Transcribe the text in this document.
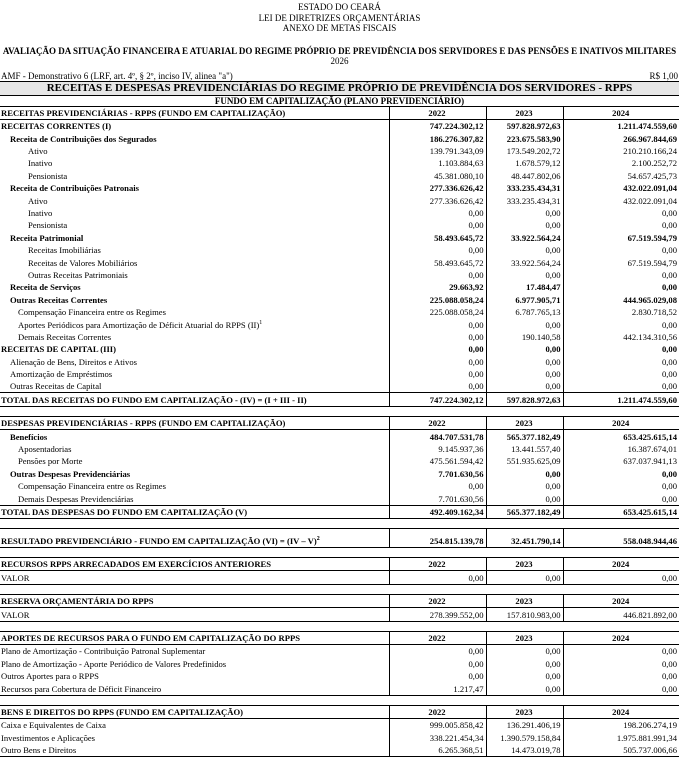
ESTADO DO CEARÁ
LEI DE DIRETRIZES ORÇAMENTÁRIAS
ANEXO DE METAS FISCAIS
AVALIAÇÃO DA SITUAÇÃO FINANCEIRA E ATUARIAL DO REGIME PRÓPRIO DE PREVIDÊNCIA DOS SERVIDORES E DAS PENSÕES E INATIVOS MILITARES
2026
AMF - Demonstrativo 6 (LRF, art. 4º, § 2º, inciso IV, alinea "a")	R$ 1,00
RECEITAS E DESPESAS PREVIDENCIÁRIAS DO REGIME PRÓPRIO DE PREVIDÊNCIA DOS SERVIDORES - RPPS
FUNDO EM CAPITALIZAÇÃO (PLANO PREVIDENCIÁRIO)
RECEITAS PREVIDENCIÁRIAS - RPPS (FUNDO EM CAPITALIZAÇÃO)	2022	2023	2024
RECEITAS CORRENTES (I)	747.224.302,12	597.828.972,63	1.211.474.559,60
Receita de Contribuições dos Segurados	186.276.307,82	223.675.583,90	266.967.844,69
Ativo	139.791.343,09	173.549.202,72	210.210.166,24
Inativo	1.103.884,63	1.678.579,12	2.100.252,72
Pensionista	45.381.080,10	48.447.802,06	54.657.425,73
Receita de Contribuições Patronais	277.336.626,42	333.235.434,31	432.022.091,04
Ativo	277.336.626,42	333.235.434,31	432.022.091,04
Inativo	0,00	0,00	0,00
Pensionista	0,00	0,00	0,00
Receita Patrimonial	58.493.645,72	33.922.564,24	67.519.594,79
Receitas Imobiliárias	0,00	0,00	0,00
Receitas de Valores Mobiliários	58.493.645,72	33.922.564,24	67.519.594,79
Outras Receitas Patrimoniais	0,00	0,00	0,00
Receita de Serviços	29.663,92	17.484,47	0,00
Outras Receitas Correntes	225.088.058,24	6.977.905,71	444.965.029,08
Compensação Financeira entre os Regimes	225.088.058,24	6.787.765,13	2.830.718,52
Aportes Periódicos para Amortização de Déficit Atuarial do RPPS (II)$^1$	0,00	0,00	0,00
Demais Receitas Correntes	0,00	190.140,58	442.134.310,56
RECEITAS DE CAPITAL (III)	0,00	0,00	0,00
Alienação de Bens, Direitos e Ativos	0,00	0,00	0,00
Amortização de Empréstimos	0,00	0,00	0,00
Outras Receitas de Capital	0,00	0,00	0,00
TOTAL DAS RECEITAS DO FUNDO EM CAPITALIZAÇÃO - (IV) = (I + III - II)	747.224.302,12	597.828.972,63	1.211.474.559,60

DESPESAS PREVIDENCIÁRIAS - RPPS (FUNDO EM CAPITALIZAÇÃO)	2022	2023	2024
Benefícios	484.707.531,78	565.377.182,49	653.425.615,14
Aposentadorias	9.145.937,36	13.441.557,40	16.387.674,01
Pensões por Morte	475.561.594,42	551.935.625,09	637.037.941,13
Outras Despesas Previdenciárias	7.701.630,56	0,00	0,00
Compensação Financeira entre os Regimes	0,00	0,00	0,00
Demais Despesas Previdenciárias	7.701.630,56	0,00	0,00
TOTAL DAS DESPESAS DO FUNDO EM CAPITALIZAÇÃO (V)	492.409.162,34	565.377.182,49	653.425.615,14

RESULTADO PREVIDENCIÁRIO - FUNDO EM CAPITALIZAÇÃO (VI) = (IV – V)$^2$	254.815.139,78	32.451.790,14	558.048.944,46

RECURSOS RPPS ARRECADADOS EM EXERCÍCIOS ANTERIORES	2022	2023	2024
VALOR	0,00	0,00	0,00

RESERVA ORÇAMENTÁRIA DO RPPS	2022	2023	2024
VALOR	278.399.552,00	157.810.983,00	446.821.892,00

APORTES DE RECURSOS PARA O FUNDO EM CAPITALIZAÇÃO DO RPPS	2022	2023	2024
Plano de Amortização - Contribuição Patronal Suplementar	0,00	0,00	0,00
Plano de Amortização - Aporte Periódico de Valores Predefinidos	0,00	0,00	0,00
Outros Aportes para o RPPS	0,00	0,00	0,00
Recursos para Cobertura de Déficit Financeiro	1.217,47	0,00	0,00

BENS E DIREITOS DO RPPS (FUNDO EM CAPITALIZAÇÃO)	2022	2023	2024
Caixa e Equivalentes de Caixa	999.005.858,42	136.291.406,19	198.206.274,19
Investimentos e Aplicações	338.221.454,34	1.390.579.158,84	1.975.881.991,34
Outro Bens e Direitos	6.265.368,51	14.473.019,78	505.737.006,66
